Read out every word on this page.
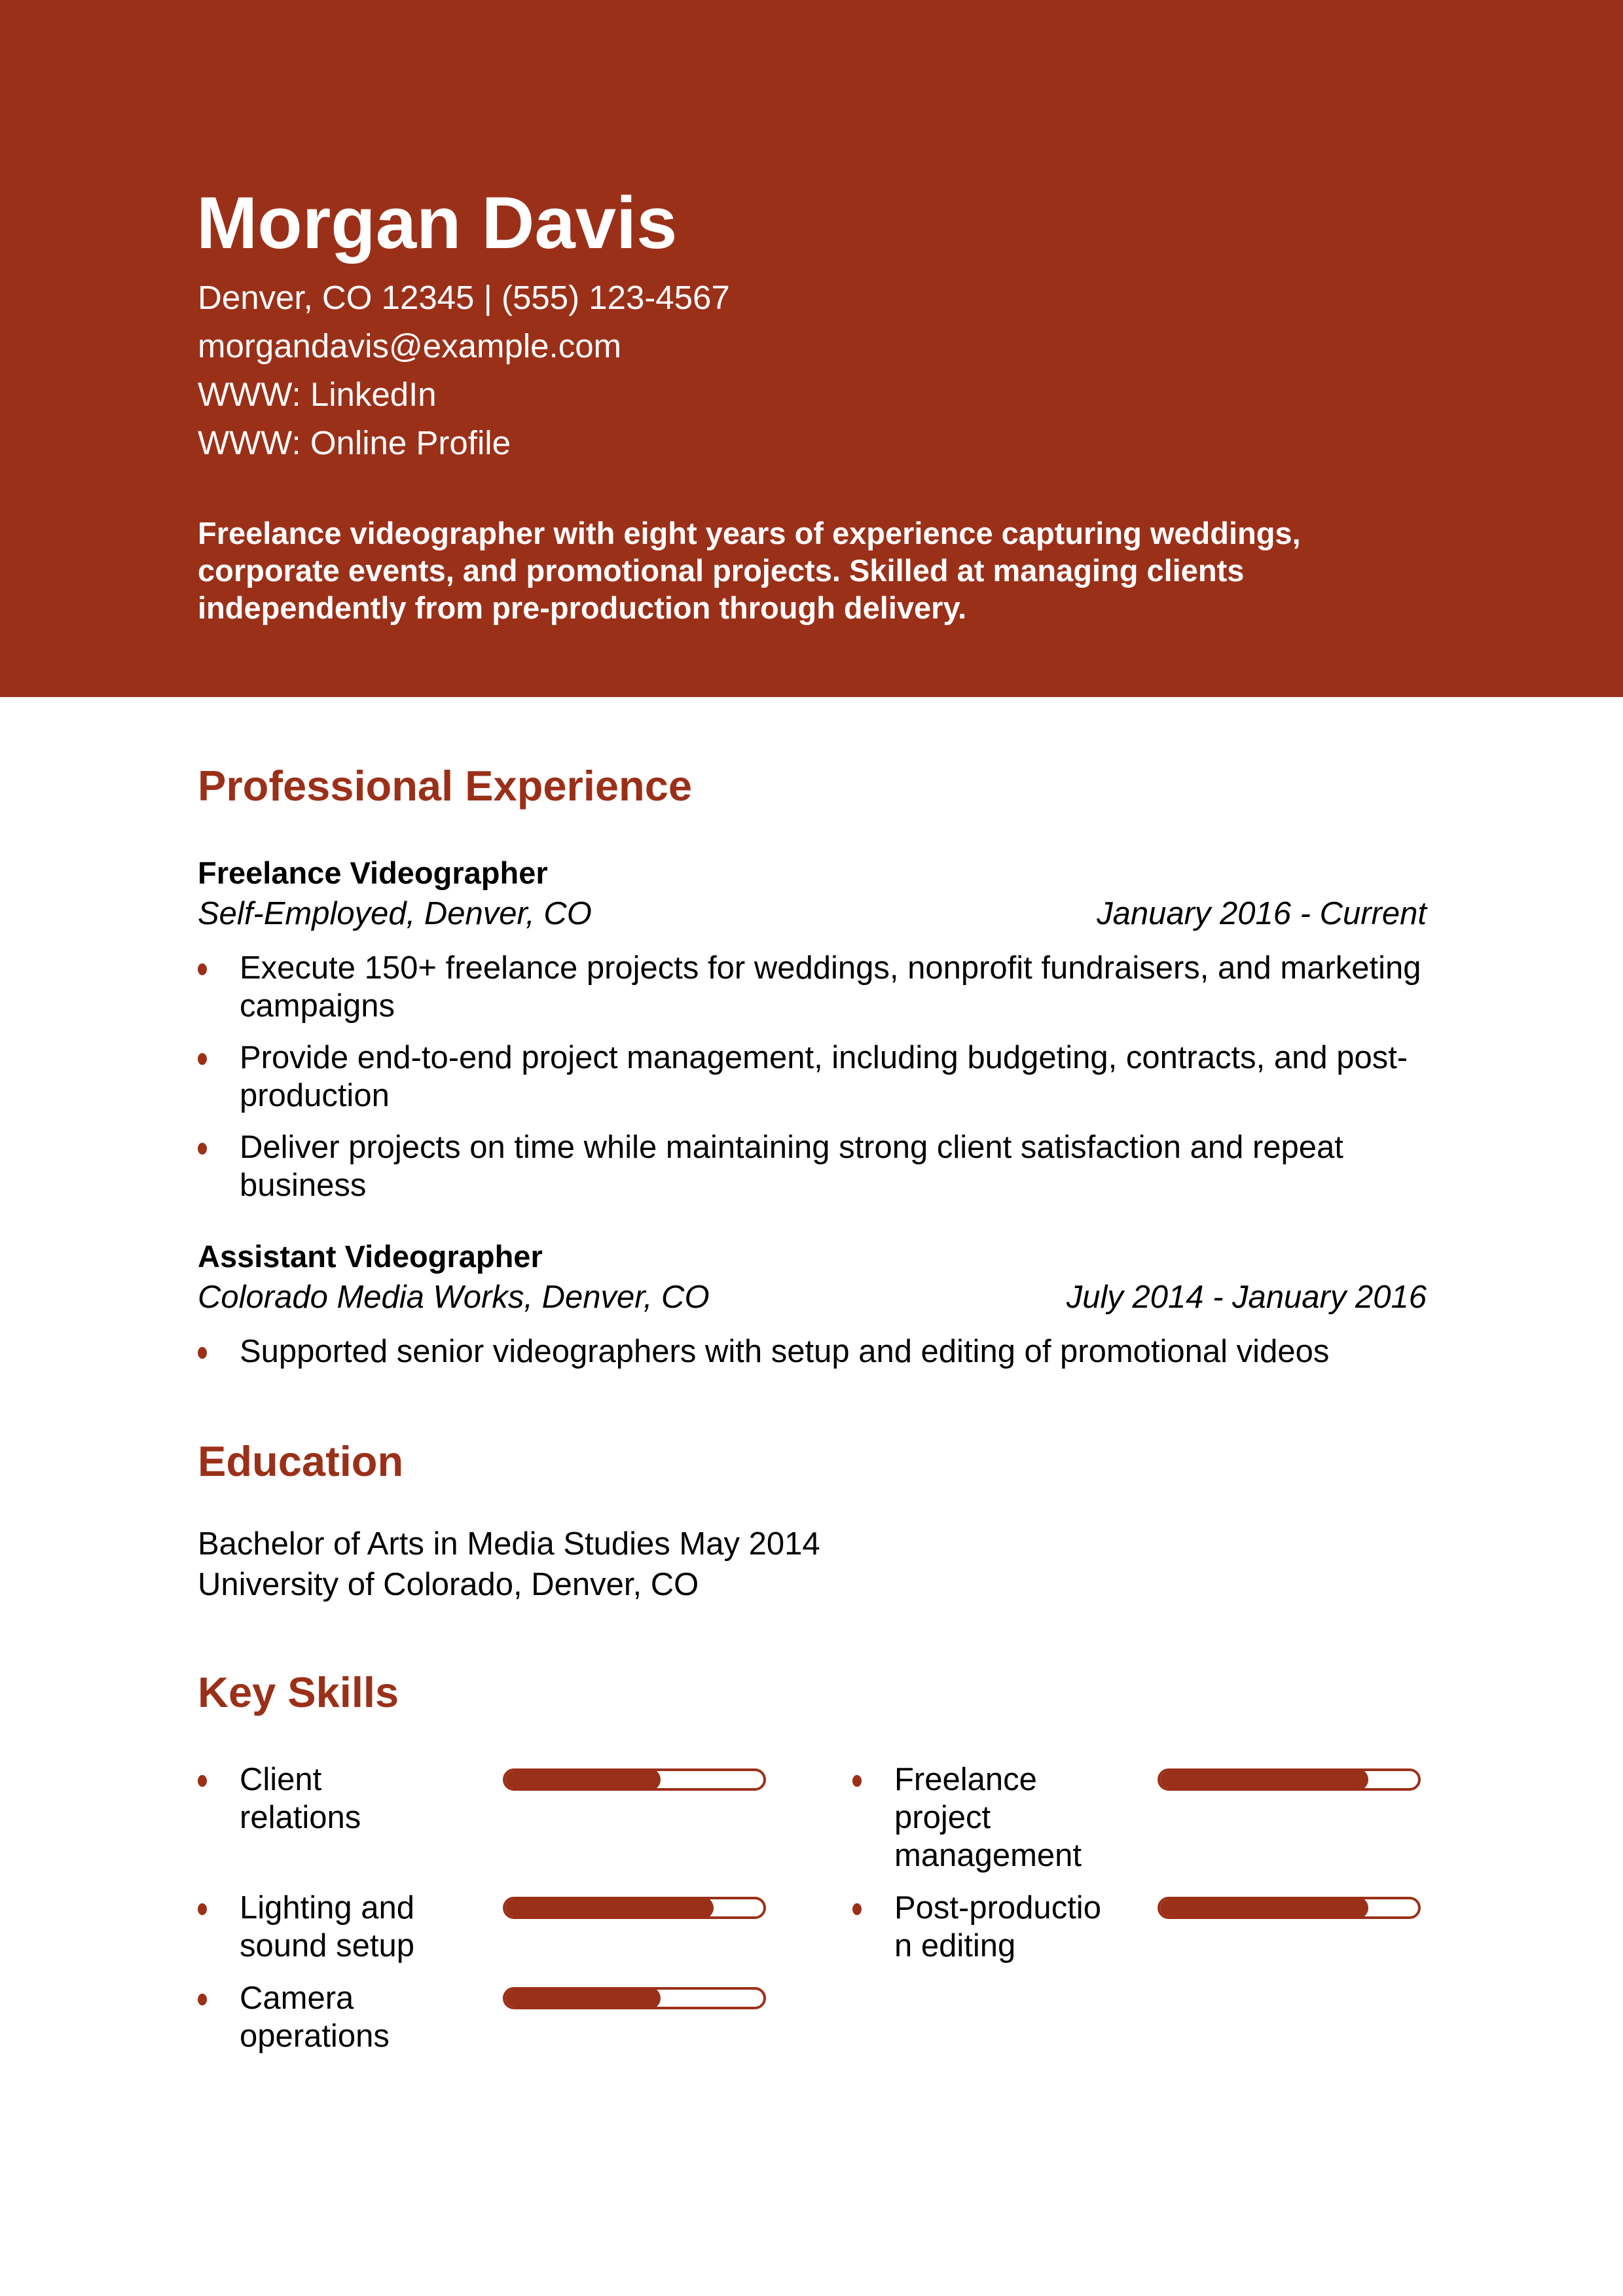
Morgan Davis
Denver, CO 12345 | (555) 123-4567
morgandavis@example.com
WWW: LinkedIn
WWW: Online Profile
Freelance videographer with eight years of experience capturing weddings, corporate events, and promotional projects. Skilled at managing clients independently from pre-production through delivery.
Professional Experience
Freelance Videographer
Self-Employed, Denver, CO	January 2016 - Current
Execute 150+ freelance projects for weddings, nonprofit fundraisers, and marketing campaigns
Provide end-to-end project management, including budgeting, contracts, and post-production
Deliver projects on time while maintaining strong client satisfaction and repeat business
Assistant Videographer
Colorado Media Works, Denver, CO	July 2014 - January 2016
Supported senior videographers with setup and editing of promotional videos
Education
Bachelor of Arts in Media Studies May 2014
University of Colorado, Denver, CO
Key Skills
Client relations
Freelance project management
Lighting and sound setup
Post-production editing
Camera operations
